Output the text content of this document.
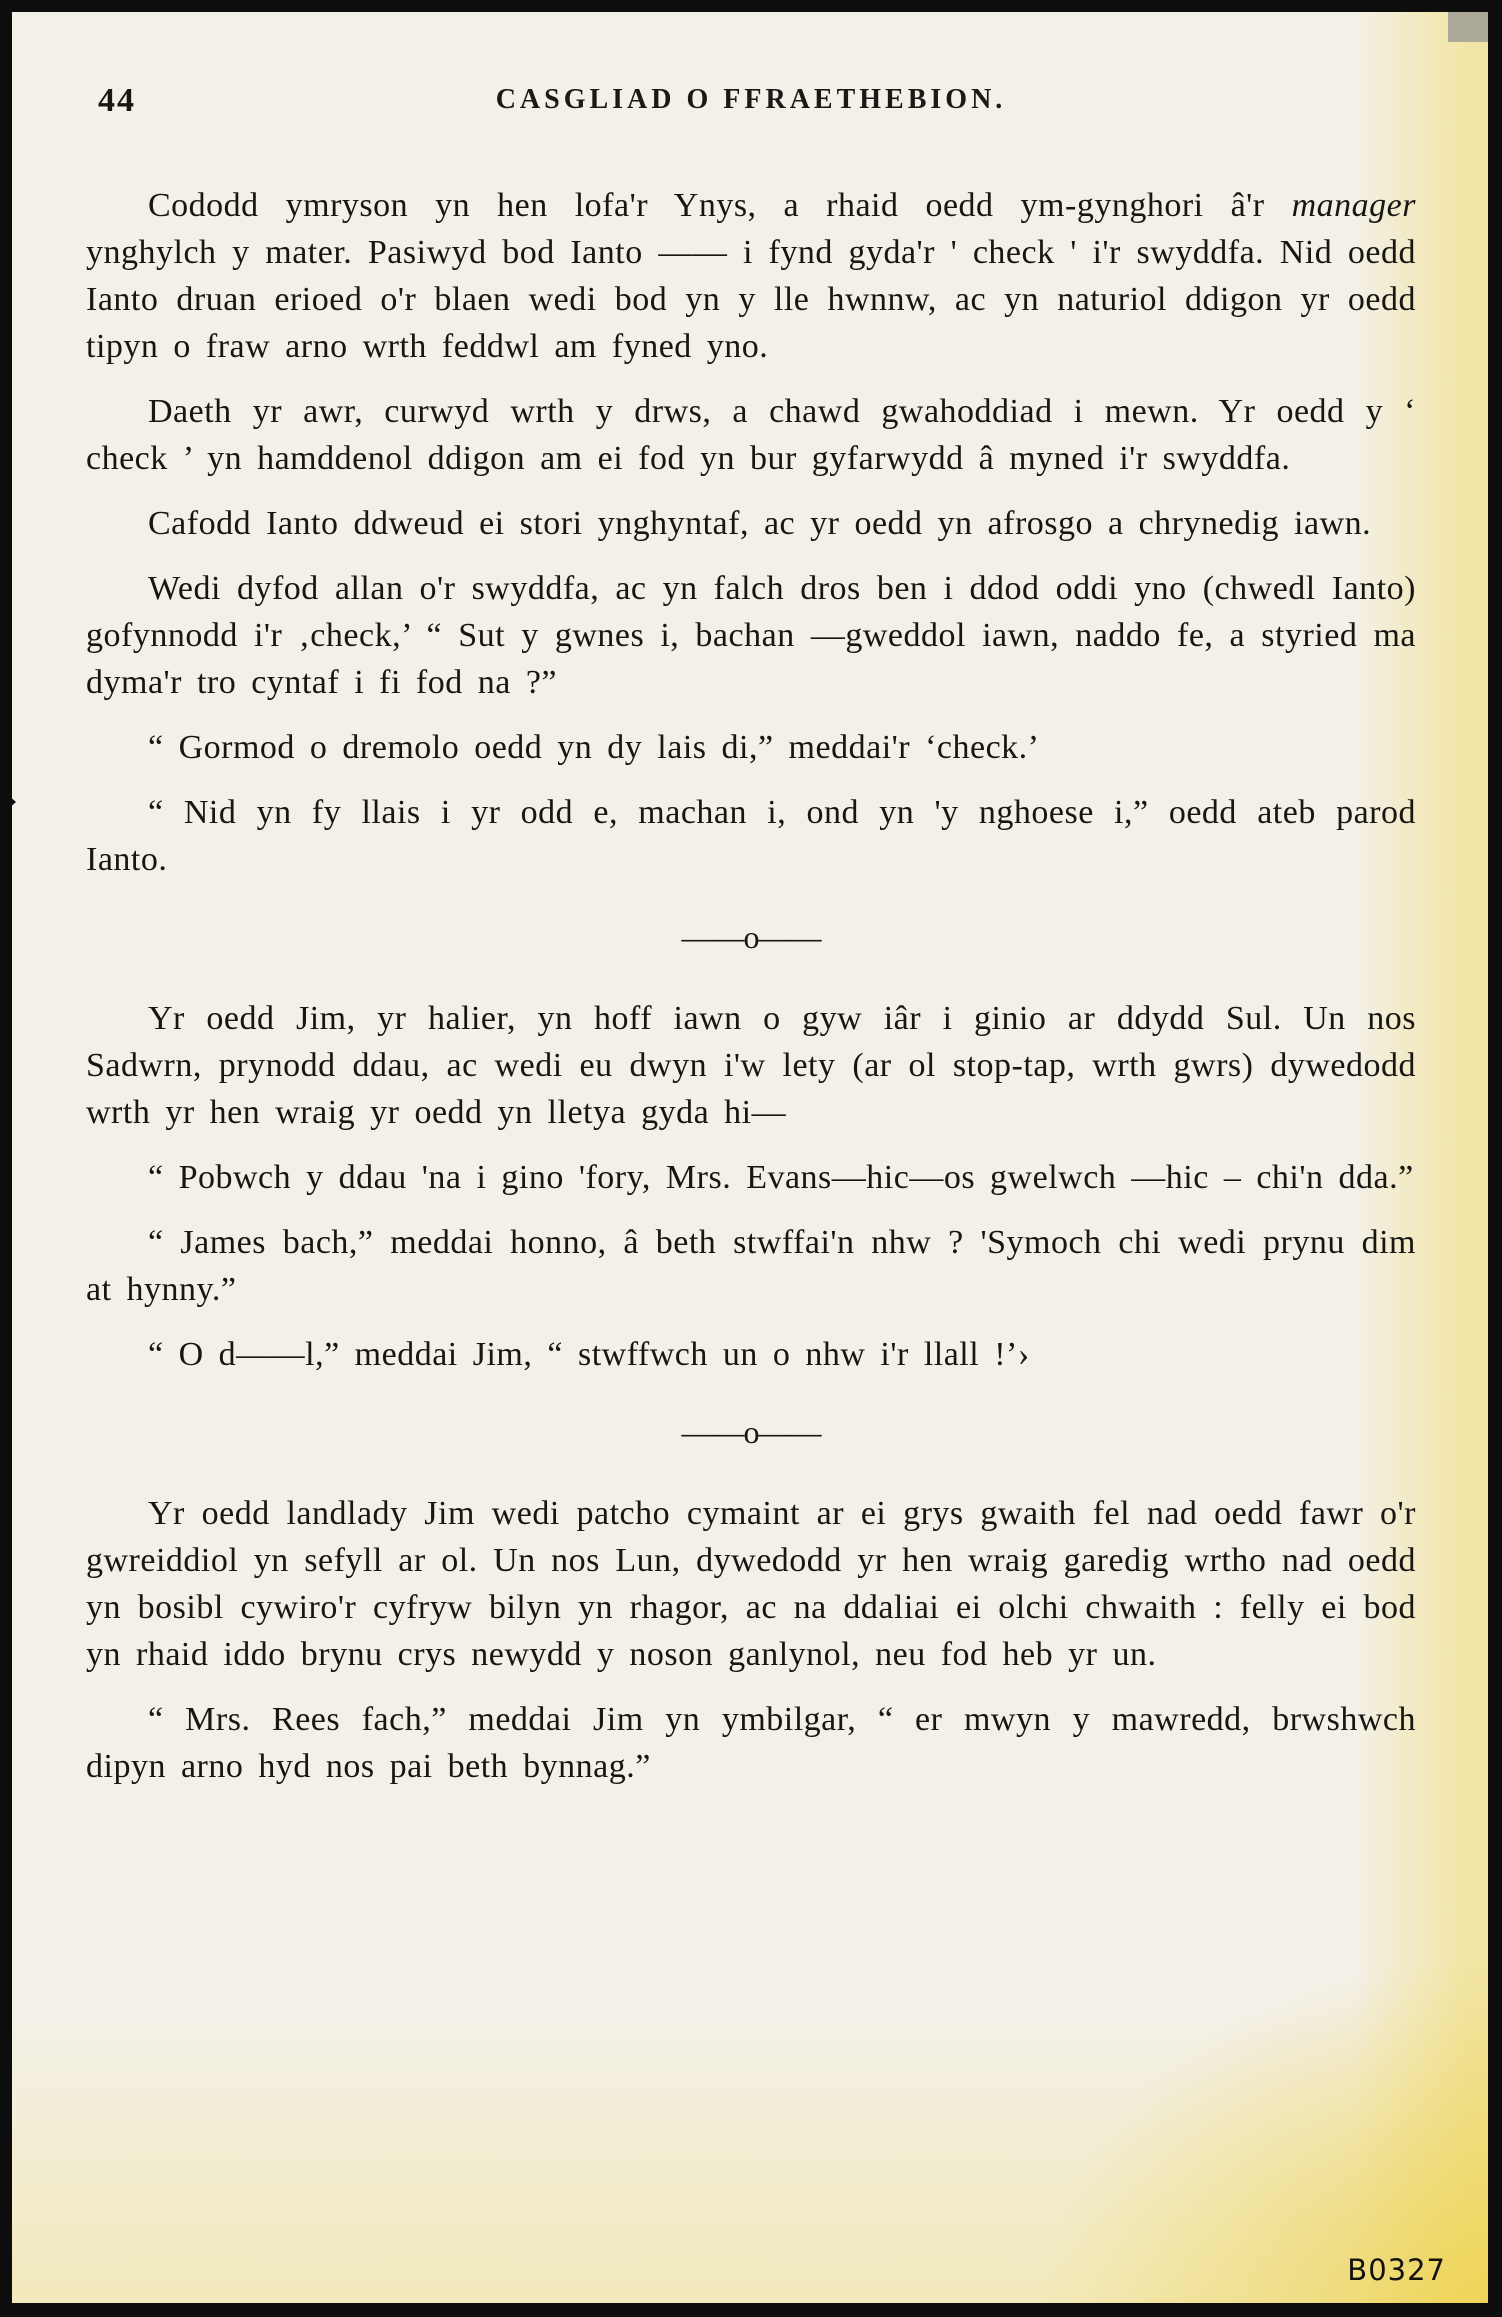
44	CASGLIAD O FFRAETHEBION.

Cododd ymryson yn hen lofa'r Ynys, a rhaid oedd ym-gynghori â'r manager ynghylch y mater. Pasiwyd bod Ianto —— i fynd gyda'r ' check ' i'r swyddfa. Nid oedd Ianto druan erioed o'r blaen wedi bod yn y lle hwnnw, ac yn naturiol ddigon yr oedd tipyn o fraw arno wrth feddwl am fyned yno.

Daeth yr awr, curwyd wrth y drws, a chawd gwahoddiad i mewn. Yr oedd y ‘ check ’ yn hamddenol ddigon am ei fod yn bur gyfarwydd â myned i'r swyddfa.

Cafodd Ianto ddweud ei stori ynghyntaf, ac yr oedd yn afrosgo a chrynedig iawn.

Wedi dyfod allan o'r swyddfa, ac yn falch dros ben i ddod oddi yno (chwedl Ianto) gofynnodd i'r ‚check,’ “ Sut y gwnes i, bachan —gweddol iawn, naddo fe, a styried ma dyma'r tro cyntaf i fi fod na ?”

“ Gormod o dremolo oedd yn dy lais di,” meddai'r ‘check.’

“ Nid yn fy llais i yr odd e, machan i, ond yn 'y nghoese i,” oedd ateb parod Ianto.

——o——

Yr oedd Jim, yr halier, yn hoff iawn o gyw iâr i ginio ar ddydd Sul. Un nos Sadwrn, prynodd ddau, ac wedi eu dwyn i'w lety (ar ol stop-tap, wrth gwrs) dywedodd wrth yr hen wraig yr oedd yn lletya gyda hi—

“ Pobwch y ddau 'na i gino 'fory, Mrs. Evans—hic—os gwelwch —hic – chi'n dda.”

“ James bach,” meddai honno, â beth stwffai'n nhw ? 'Symoch chi wedi prynu dim at hynny.”

“ O d——l,” meddai Jim, “ stwffwch un o nhw i'r llall !’›

——o——

Yr oedd landlady Jim wedi patcho cymaint ar ei grys gwaith fel nad oedd fawr o'r gwreiddiol yn sefyll ar ol. Un nos Lun, dywedodd yr hen wraig garedig wrtho nad oedd yn bosibl cywiro'r cyfryw bilyn yn rhagor, ac na ddaliai ei olchi chwaith : felly ei bod yn rhaid iddo brynu crys newydd y noson ganlynol, neu fod heb yr un.

“ Mrs. Rees fach,” meddai Jim yn ymbilgar, “ er mwyn y mawredd, brwshwch dipyn arno hyd nos pai beth bynnag.”

B0327
